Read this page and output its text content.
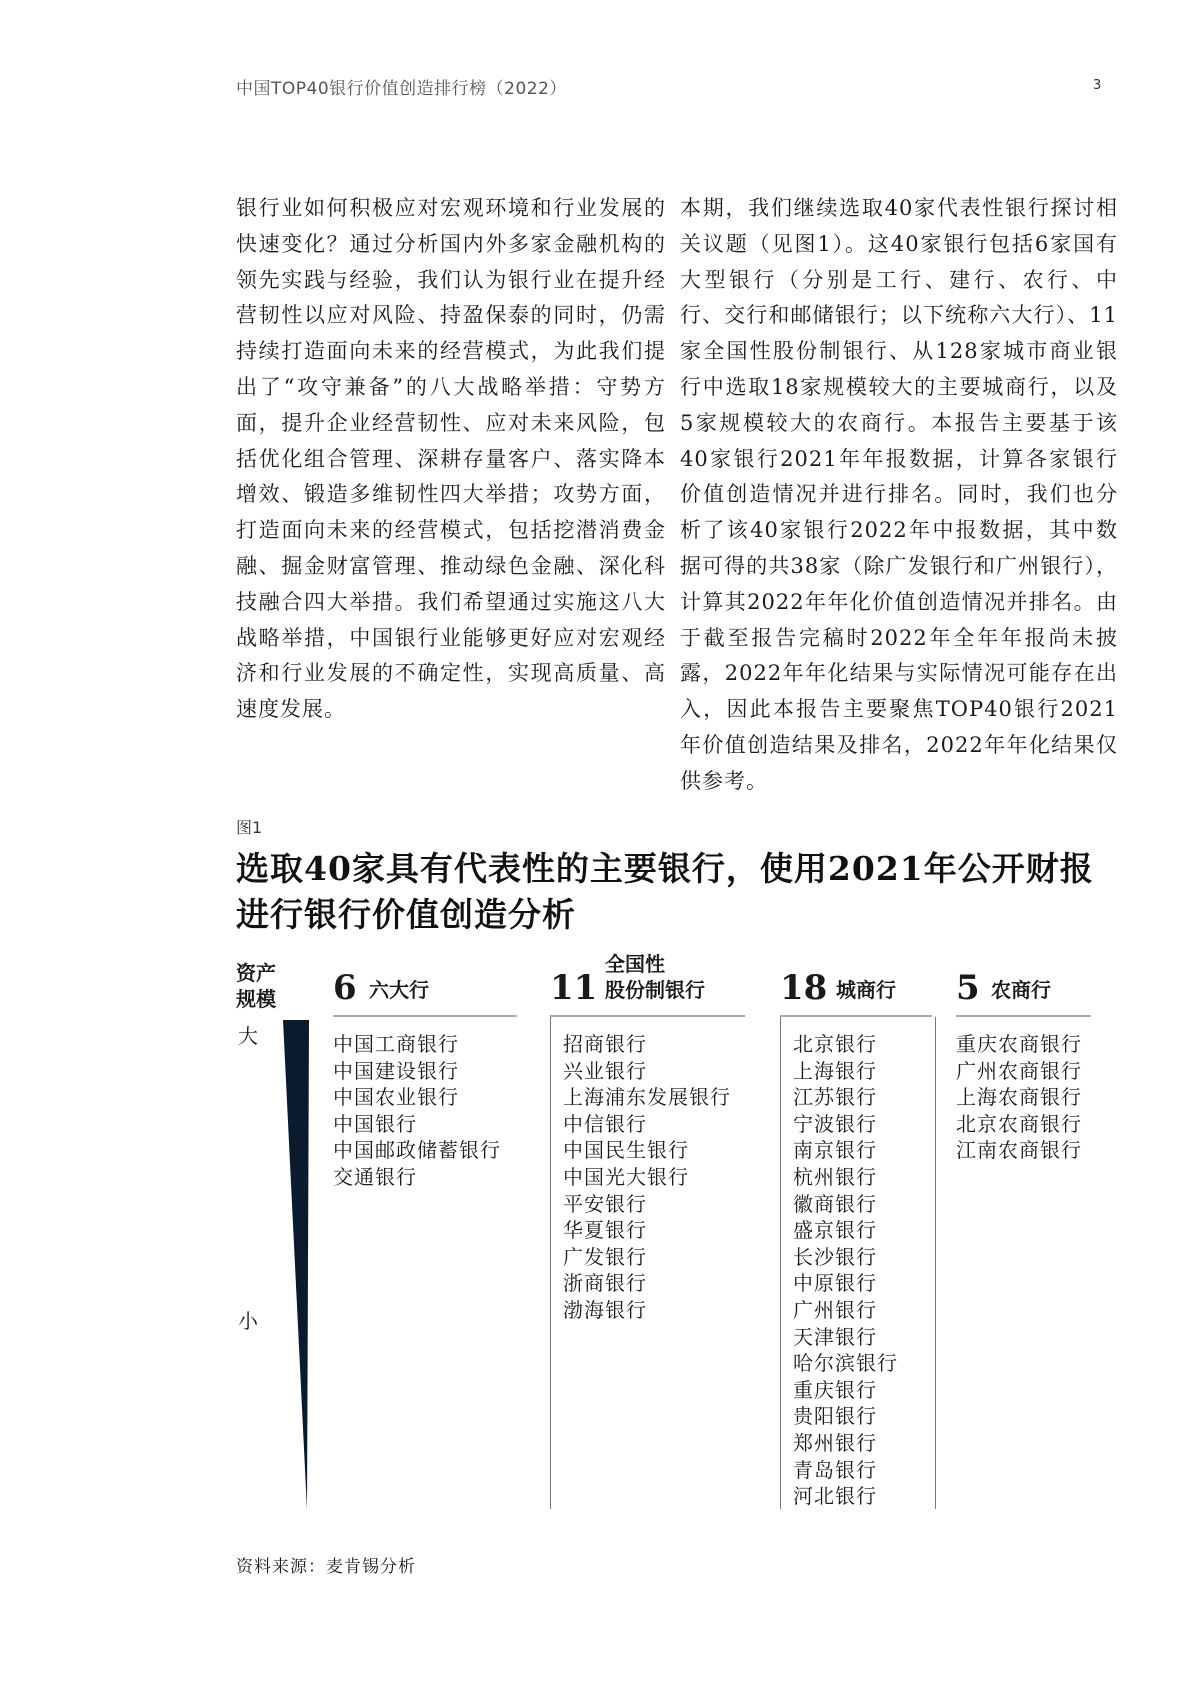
中国TOP40银行价值创造排行榜（2022）	3

银行业如何积极应对宏观环境和行业发展的快速变化？通过分析国内外多家金融机构的领先实践与经验，我们认为银行业在提升经营韧性以应对风险、持盈保泰的同时，仍需持续打造面向未来的经营模式，为此我们提出了“攻守兼备”的八大战略举措：守势方面，提升企业经营韧性、应对未来风险，包括优化组合管理、深耕存量客户、落实降本增效、锻造多维韧性四大举措；攻势方面，打造面向未来的经营模式，包括挖潜消费金融、掘金财富管理、推动绿色金融、深化科技融合四大举措。我们希望通过实施这八大战略举措，中国银行业能够更好应对宏观经济和行业发展的不确定性，实现高质量、高速度发展。

本期，我们继续选取40家代表性银行探讨相关议题（见图1）。这40家银行包括6家国有大型银行（分别是工行、建行、农行、中行、交行和邮储银行；以下统称六大行）、11家全国性股份制银行、从128家城市商业银行中选取18家规模较大的主要城商行，以及5家规模较大的农商行。本报告主要基于该40家银行2021年年报数据，计算各家银行价值创造情况并进行排名。同时，我们也分析了该40家银行2022年中报数据，其中数据可得的共38家（除广发银行和广州银行），计算其2022年年化价值创造情况并排名。由于截至报告完稿时2022年全年年报尚未披露，2022年年化结果与实际情况可能存在出入，因此本报告主要聚焦TOP40银行2021年价值创造结果及排名，2022年年化结果仅供参考。

图1
选取40家具有代表性的主要银行，使用2021年公开财报进行银行价值创造分析
资产
规模
大
小
6 六大行
中国工商银行
中国建设银行
中国农业银行
中国银行
中国邮政储蓄银行
交通银行
11
全国性
股份制银行
招商银行
兴业银行
上海浦东发展银行
中信银行
中国民生银行
中国光大银行
平安银行
华夏银行
广发银行
浙商银行
渤海银行
18 城商行
北京银行
上海银行
江苏银行
宁波银行
南京银行
杭州银行
徽商银行
盛京银行
长沙银行
中原银行
广州银行
天津银行
哈尔滨银行
重庆银行
贵阳银行
郑州银行
青岛银行
河北银行
5 农商行
重庆农商银行
广州农商银行
上海农商银行
北京农商银行
江南农商银行
资料来源：麦肯锡分析
